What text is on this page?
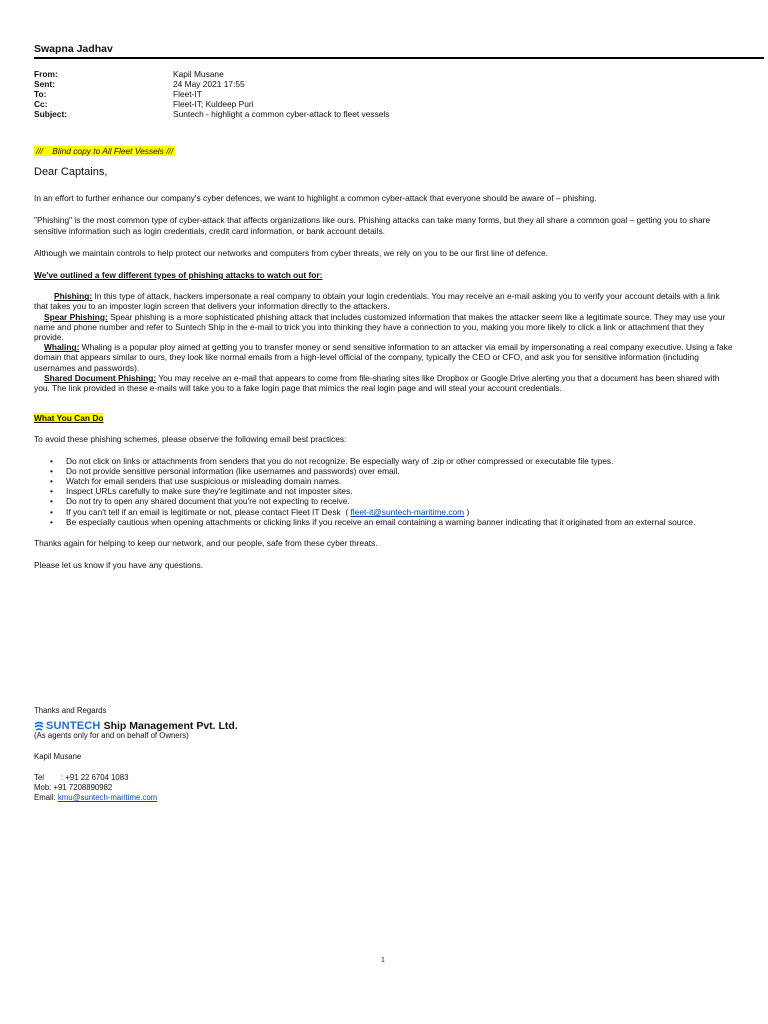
Swapna Jadhav
From:	Kapil Musane
Sent:	24 May 2021 17:55
To:	Fleet-IT
Cc:	Fleet-IT; Kuldeep Puri
Subject:	Suntech - highlight a common cyber-attack to fleet vessels
///    Blind copy to All Fleet Vessels ///
Dear Captains,

In an effort to further enhance our company's cyber defences, we want to highlight a common cyber-attack that everyone should be aware of – phishing.

"Phishing" is the most common type of cyber-attack that affects organizations like ours. Phishing attacks can take many forms, but they all share a common goal – getting you to share sensitive information such as login credentials, credit card information, or bank account details.

Although we maintain controls to help protect our networks and computers from cyber threats, we rely on you to be our first line of defence.

We've outlined a few different types of phishing attacks to watch out for:

Phishing: In this type of attack, hackers impersonate a real company to obtain your login credentials. You may receive an e-mail asking you to verify your account details with a link that takes you to an imposter login screen that delivers your information directly to the attackers.

Spear Phishing: Spear phishing is a more sophisticated phishing attack that includes customized information that makes the attacker seem like a legitimate source. They may use your name and phone number and refer to Suntech Ship in the e-mail to trick you into thinking they have a connection to you, making you more likely to click a link or attachment that they provide.

Whaling: Whaling is a popular ploy aimed at getting you to transfer money or send sensitive information to an attacker via email by impersonating a real company executive. Using a fake domain that appears similar to ours, they look like normal emails from a high-level official of the company, typically the CEO or CFO, and ask you for sensitive information (including usernames and passwords).

Shared Document Phishing: You may receive an e-mail that appears to come from file-sharing sites like Dropbox or Google Drive alerting you that a document has been shared with you. The link provided in these e-mails will take you to a fake login page that mimics the real login page and will steal your account credentials.

What You Can Do

To avoid these phishing schemes, please observe the following email best practices:

• Do not click on links or attachments from senders that you do not recognize. Be especially wary of .zip or other compressed or executable file types.
• Do not provide sensitive personal information (like usernames and passwords) over email.
• Watch for email senders that use suspicious or misleading domain names.
• Inspect URLs carefully to make sure they're legitimate and not imposter sites.
• Do not try to open any shared document that you're not expecting to receive.
• If you can't tell if an email is legitimate or not, please contact Fleet IT Desk  ( fleet-it@suntech-maritime.com )
• Be especially cautious when opening attachments or clicking links if you receive an email containing a warning banner indicating that it originated from an external source.

Thanks again for helping to keep our network, and our people, safe from these cyber threats.

Please let us know if you have any questions.

Thanks and Regards
SUNTECH Ship Management Pvt. Ltd.
(As agents only for and on behalf of Owners)
Kapil Musane
Tel : +91 22 6704 1083
Mob: +91 7208890982
Email: kmu@suntech-maritime.com
1
